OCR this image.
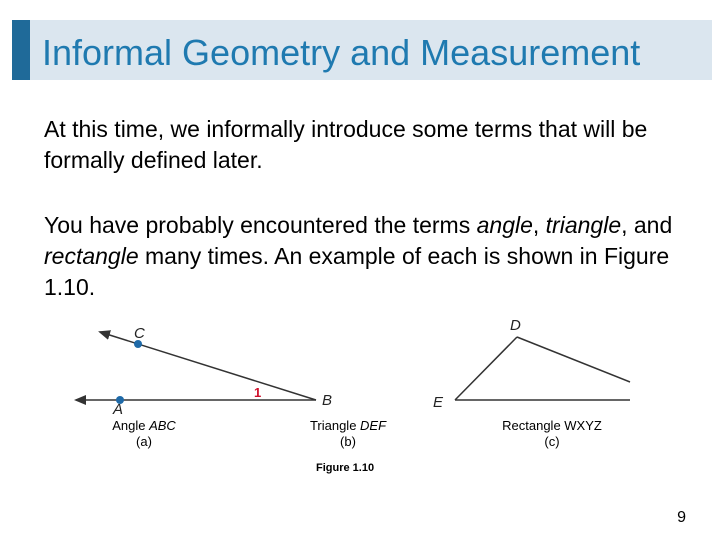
Informal Geometry and Measurement

At this time, we informally introduce some terms that will be formally defined later.

You have probably encountered the terms angle, triangle, and rectangle many times. An example of each is shown in Figure 1.10.

C
A
B
1
D
E
Angle ABC
(a)
Triangle DEF
(b)
Rectangle WXYZ
(c)
Figure 1.10
9
